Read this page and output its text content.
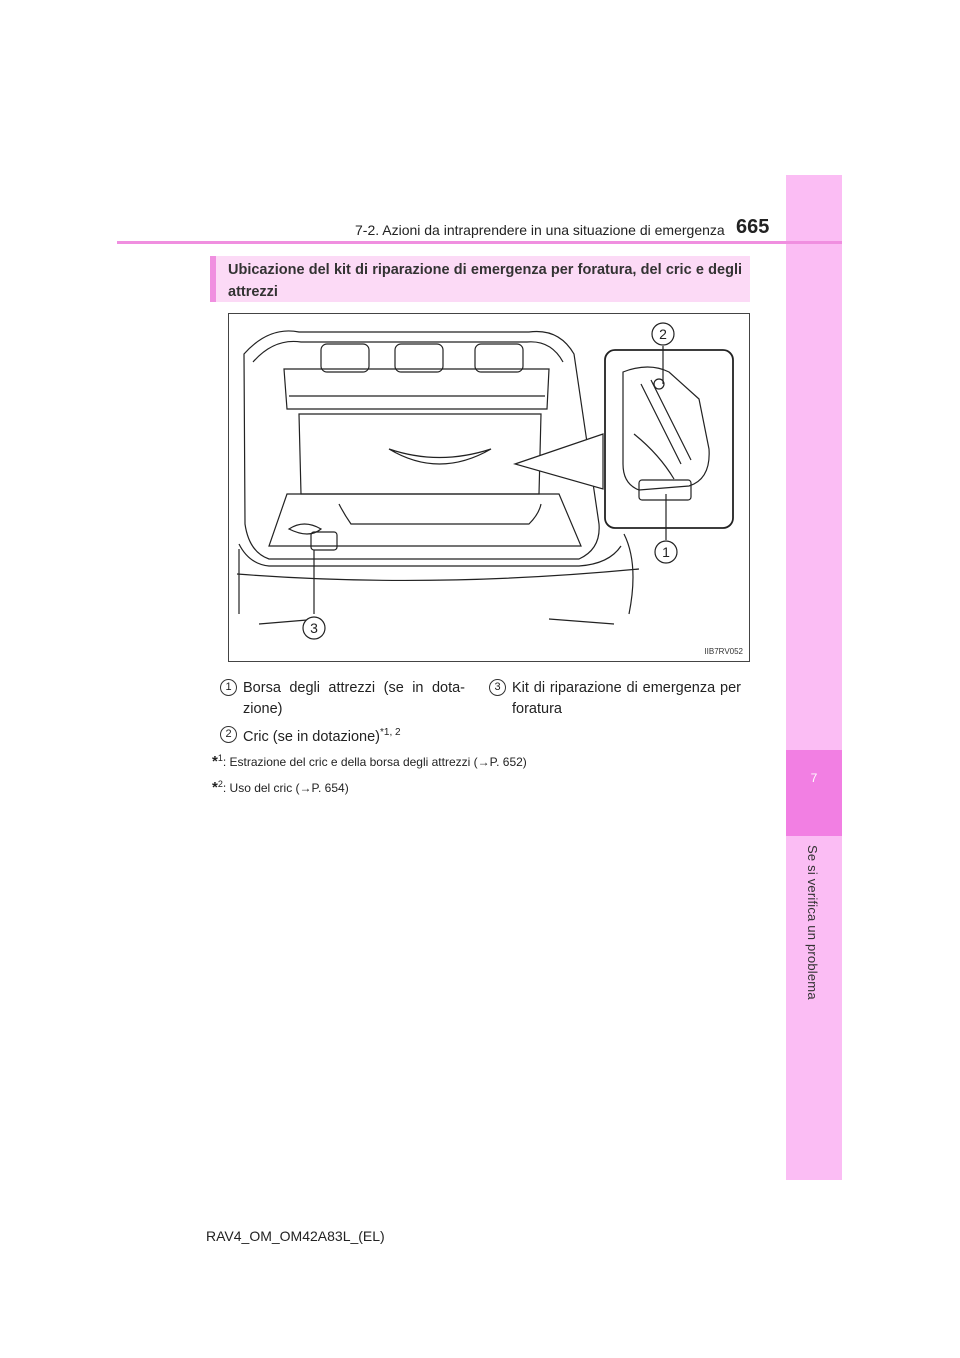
7
Se si verifica un problema
7-2. Azioni da intraprendere in una situazione di emergenza 665
Ubicazione del kit di riparazione di emergenza per foratura, del cric e degli attrezzi
2
1
3
IIB7RV052
1 Borsa degli attrezzi (se in dota-zione)
2 Cric (se in dotazione)$^{*1, 2}$
3 Kit di riparazione di emergenza per foratura
*$^1$: Estrazione del cric e della borsa degli attrezzi (→P. 652)
*$^2$: Uso del cric (→P. 654)
RAV4_OM_OM42A83L_(EL)
